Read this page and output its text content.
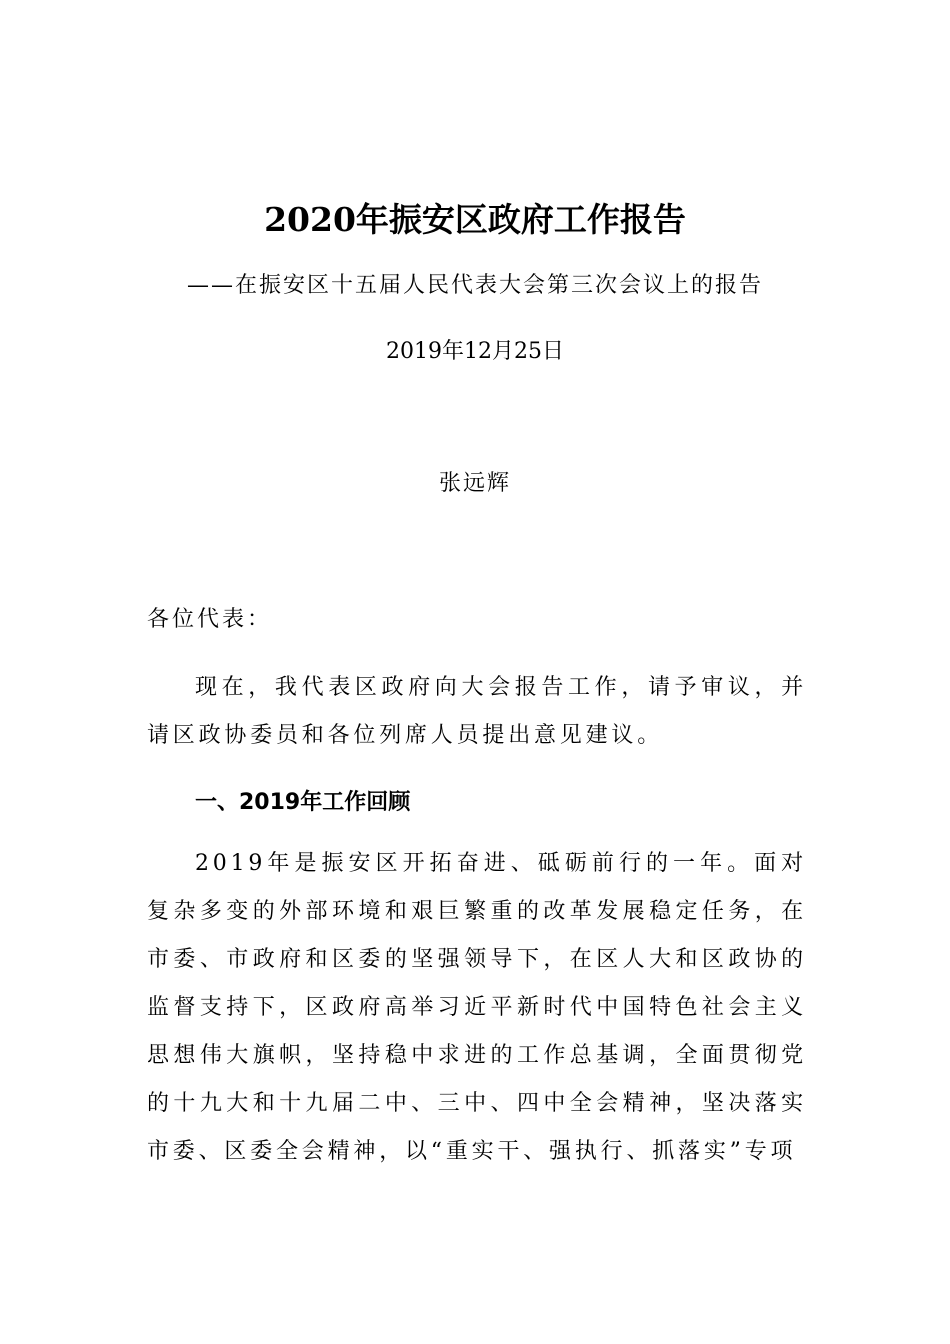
2020年振安区政府工作报告
——在振安区十五届人民代表大会第三次会议上的报告
2019年12月25日
张远辉
各位代表：

现在，我代表区政府向大会报告工作，请予审议，并请区政协委员和各位列席人员提出意见建议。

一、2019年工作回顾

2019年是振安区开拓奋进、砥砺前行的一年。面对复杂多变的外部环境和艰巨繁重的改革发展稳定任务，在市委、市政府和区委的坚强领导下，在区人大和区政协的监督支持下，区政府高举习近平新时代中国特色社会主义思想伟大旗帜，坚持稳中求进的工作总基调，全面贯彻党的十九大和十九届二中、三中、四中全会精神，坚决落实市委、区委全会精神，以“重实干、强执行、抓落实”专项
